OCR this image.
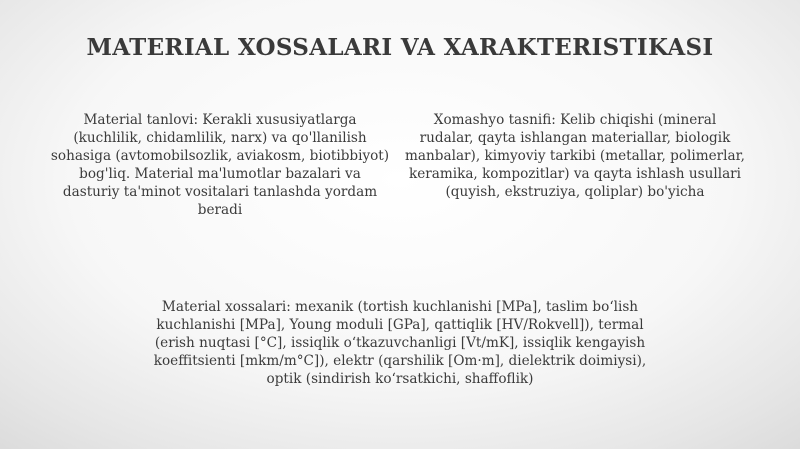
MATERIAL XOSSALARI VA XARAKTERISTIKASI
Material tanlovi: Kerakli xususiyatlarga (kuchlilik, chidamlilik, narx) va qo'llanilish sohasiga (avtomobilsozlik, aviakosm, biotibbiyot) bog'liq. Material ma'lumotlar bazalari va dasturiy ta'minot vositalari tanlashda yordam beradi
Xomashyo tasnifi: Kelib chiqishi (mineral rudalar, qayta ishlangan materiallar, biologik manbalar), kimyoviy tarkibi (metallar, polimerlar, keramika, kompozitlar) va qayta ishlash usullari (quyish, ekstruziya, qoliplar) bo'yicha
Material xossalari: mexanik (tortish kuchlanishi [MPa], taslim bo‘lish kuchlanishi [MPa], Young moduli [GPa], qattiqlik [HV/Rokvell]), termal (erish nuqtasi [°C], issiqlik o‘tkazuvchanligi [Vt/mK], issiqlik kengayish koeffitsienti [mkm/m°C]), elektr (qarshilik [Om·m], dielektrik doimiysi), optik (sindirish ko‘rsatkichi, shaffoflik)
